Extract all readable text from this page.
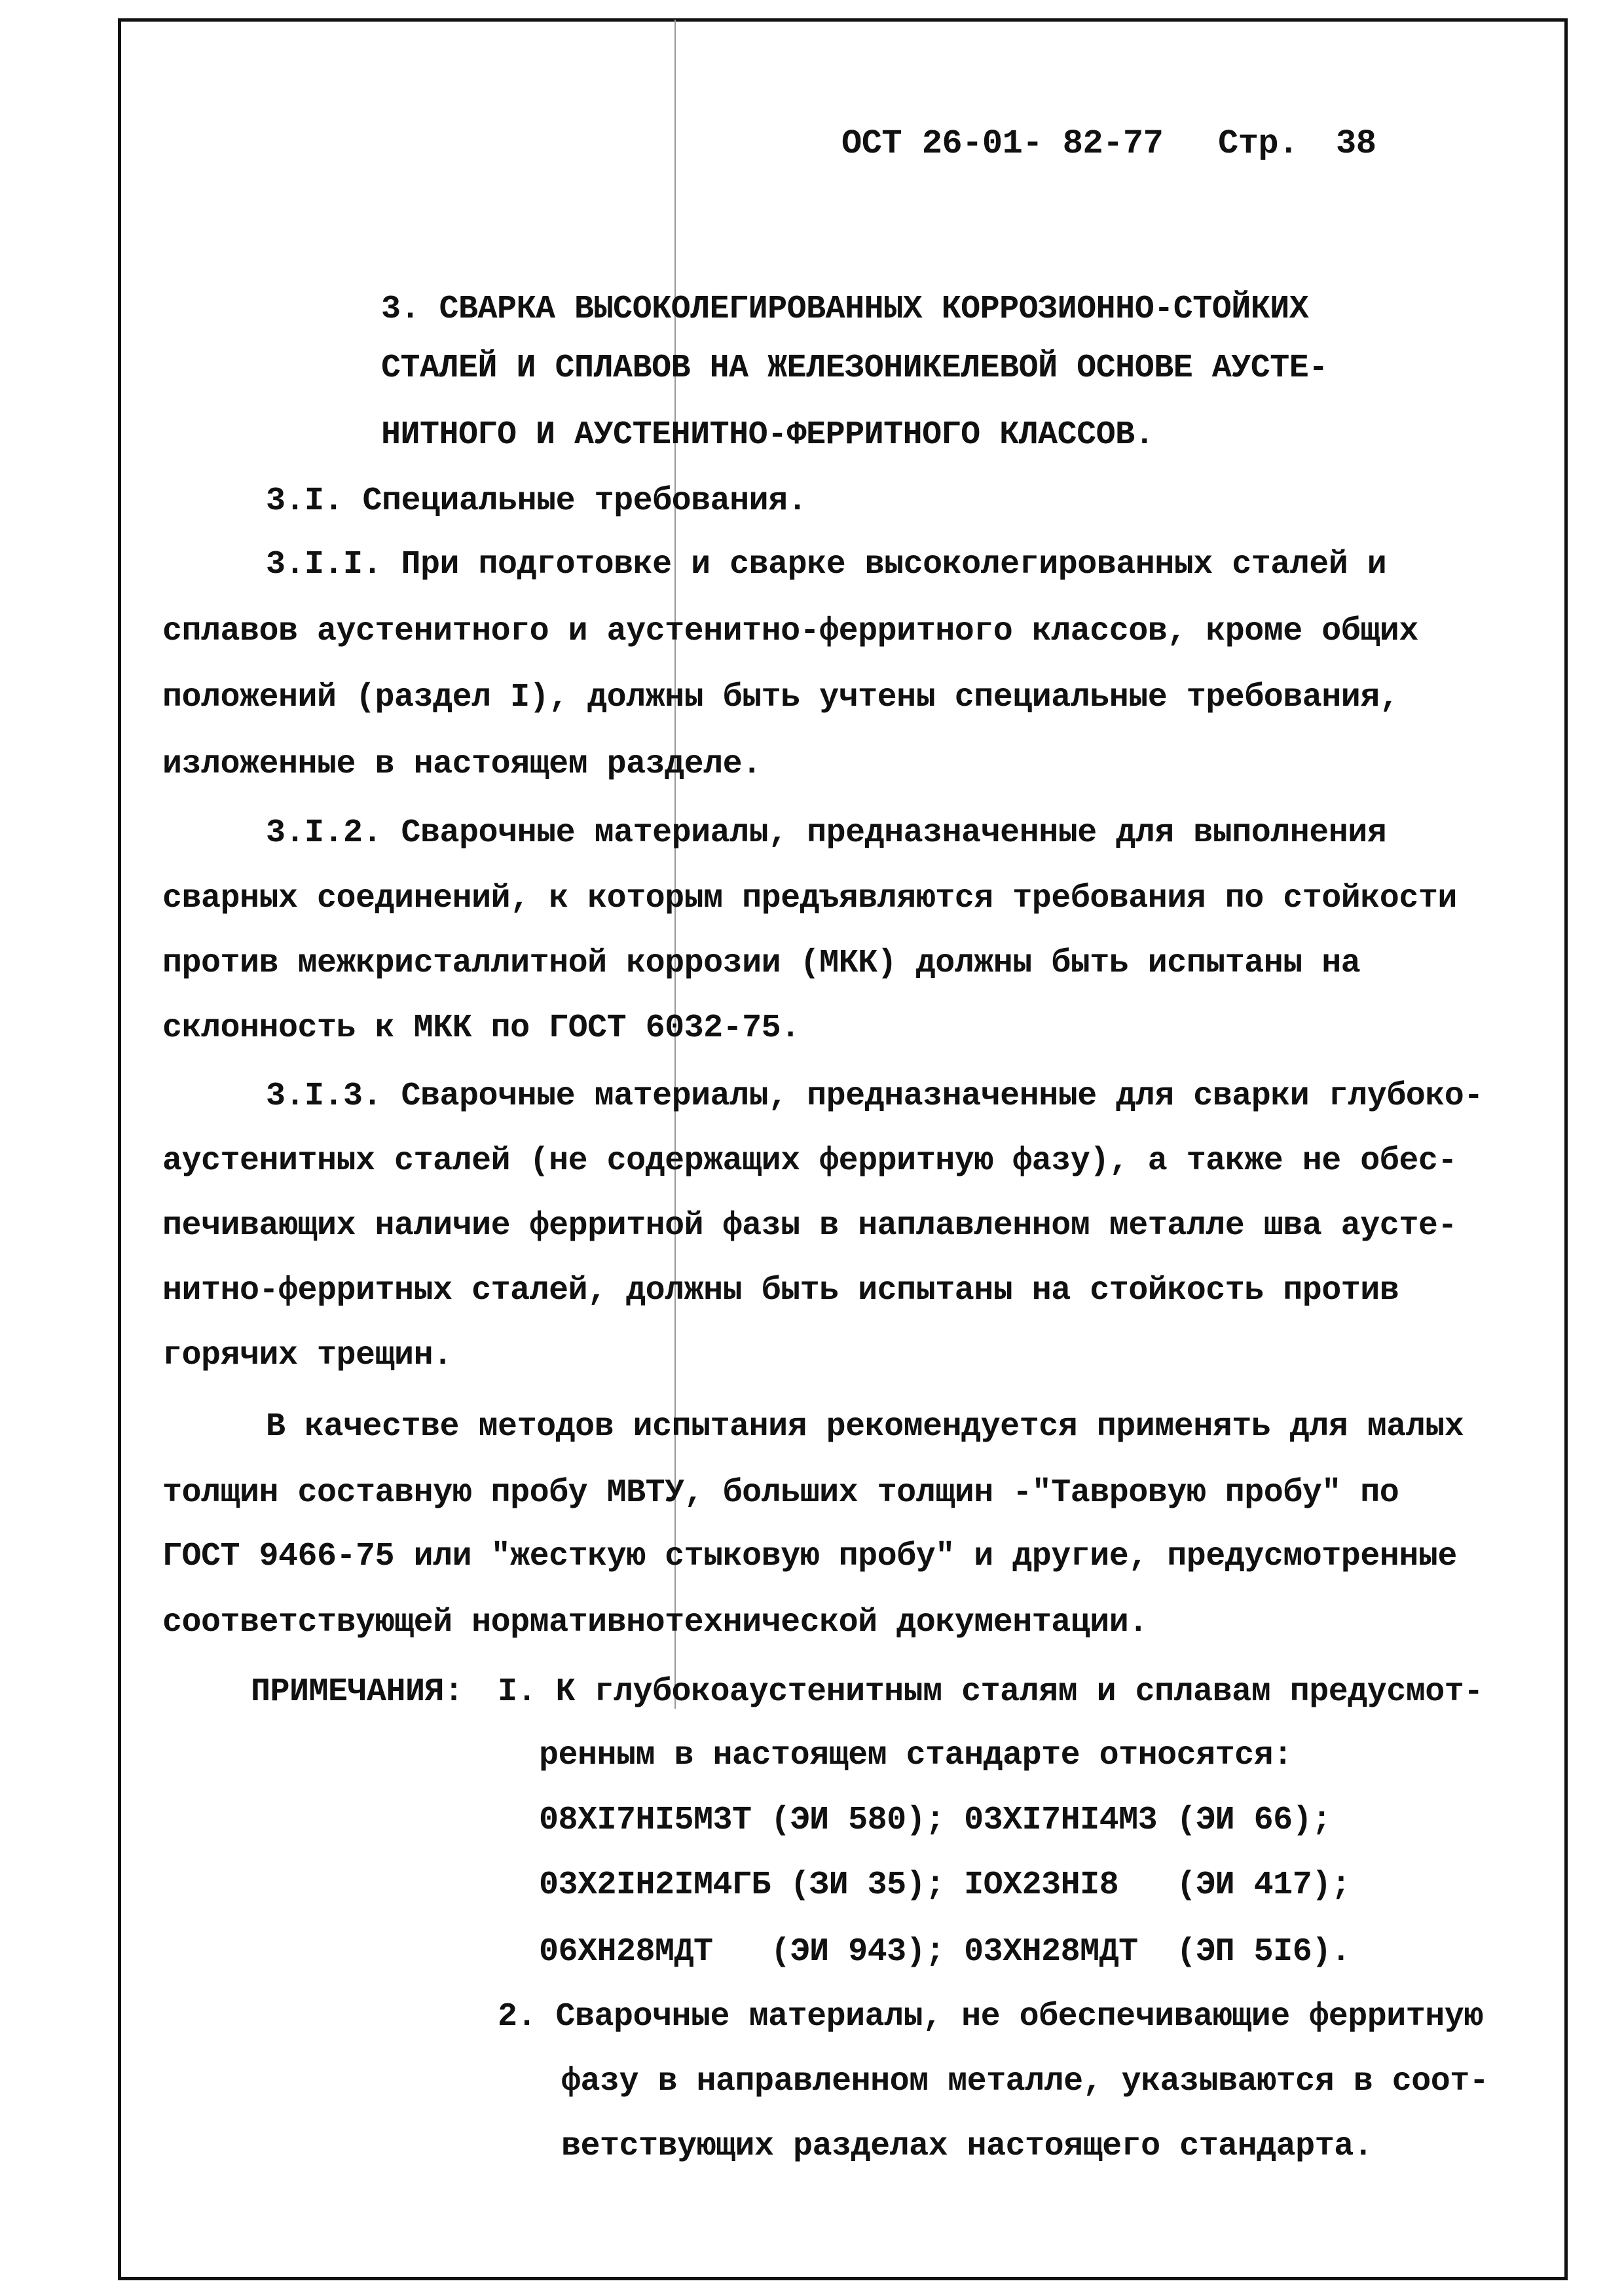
ОСТ 26-01- 82-77 Стр. 38
3. СВАРКА ВЫСОКОЛЕГИРОВАННЫХ КОРРОЗИОННО-СТОЙКИХ
СТАЛЕЙ И СПЛАВОВ НА ЖЕЛЕЗОНИКЕЛЕВОЙ ОСНОВЕ АУСТЕ-
НИТНОГО И АУСТЕНИТНО-ФЕРРИТНОГО КЛАССОВ.
3.I. Специальные требования.
3.I.I. При подготовке и сварке высоколегированных сталей и
сплавов аустенитного и аустенитно-ферритного классов, кроме общих
положений (раздел I), должны быть учтены специальные требования,
изложенные в настоящем разделе.
3.I.2. Сварочные материалы, предназначенные для выполнения
сварных соединений, к которым предъявляются требования по стойкости
против межкристаллитной коррозии (МКК) должны быть испытаны на
склонность к МКК по ГОСТ 6032-75.
3.I.3. Сварочные материалы, предназначенные для сварки глубоко-
аустенитных сталей (не содержащих ферритную фазу), а также не обес-
печивающих наличие ферритной фазы в наплавленном металле шва аусте-
нитно-ферритных сталей, должны быть испытаны на стойкость против
горячих трещин.
В качестве методов испытания рекомендуется применять для малых
толщин составную пробу МВТУ, больших толщин -"Тавровую пробу" по
ГОСТ 9466-75 или "жесткую стыковую пробу" и другие, предусмотренные
соответствующей нормативнотехнической документации.
ПРИМЕЧАНИЯ: I. К глубокоаустенитным сталям и сплавам предусмот-
ренным в настоящем стандарте относятся:
08XI7HI5M3T (ЭИ 580); 03XI7HI4M3 (ЭИ 66);
03X2IH2IM4ГБ (ЗИ 35); IOX23HI8   (ЭИ 417);
06XH28MДТ   (ЭИ 943); 03XH28MДТ  (ЭП 5I6).
2. Сварочные материалы, не обеспечивающие ферритную
фазу в направленном металле, указываются в соот-
ветствующих разделах настоящего стандарта.
